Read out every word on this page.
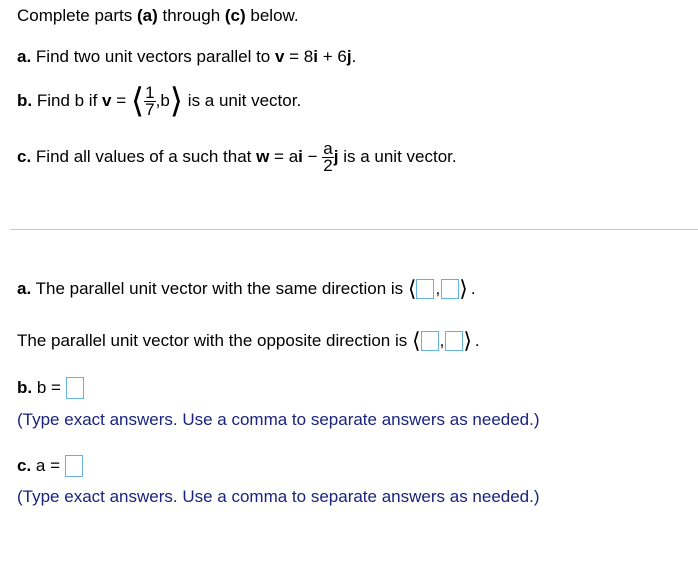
Complete parts (a) through (c) below.
a. Find two unit vectors parallel to v = 8i + 6j.
b. Find b if v = ⟨ $\frac{1}{7} ,b$ ⟩ is a unit vector.
c. Find all values of a such that w = a $i - \frac{a}{2}$ j is a unit vector.
a. The parallel unit vector with the same direction is ⟨ , ⟩ .
The parallel unit vector with the opposite direction is ⟨ , ⟩ .
b. b =
(Type exact answers. Use a comma to separate answers as needed.)
c. a =
(Type exact answers. Use a comma to separate answers as needed.)
